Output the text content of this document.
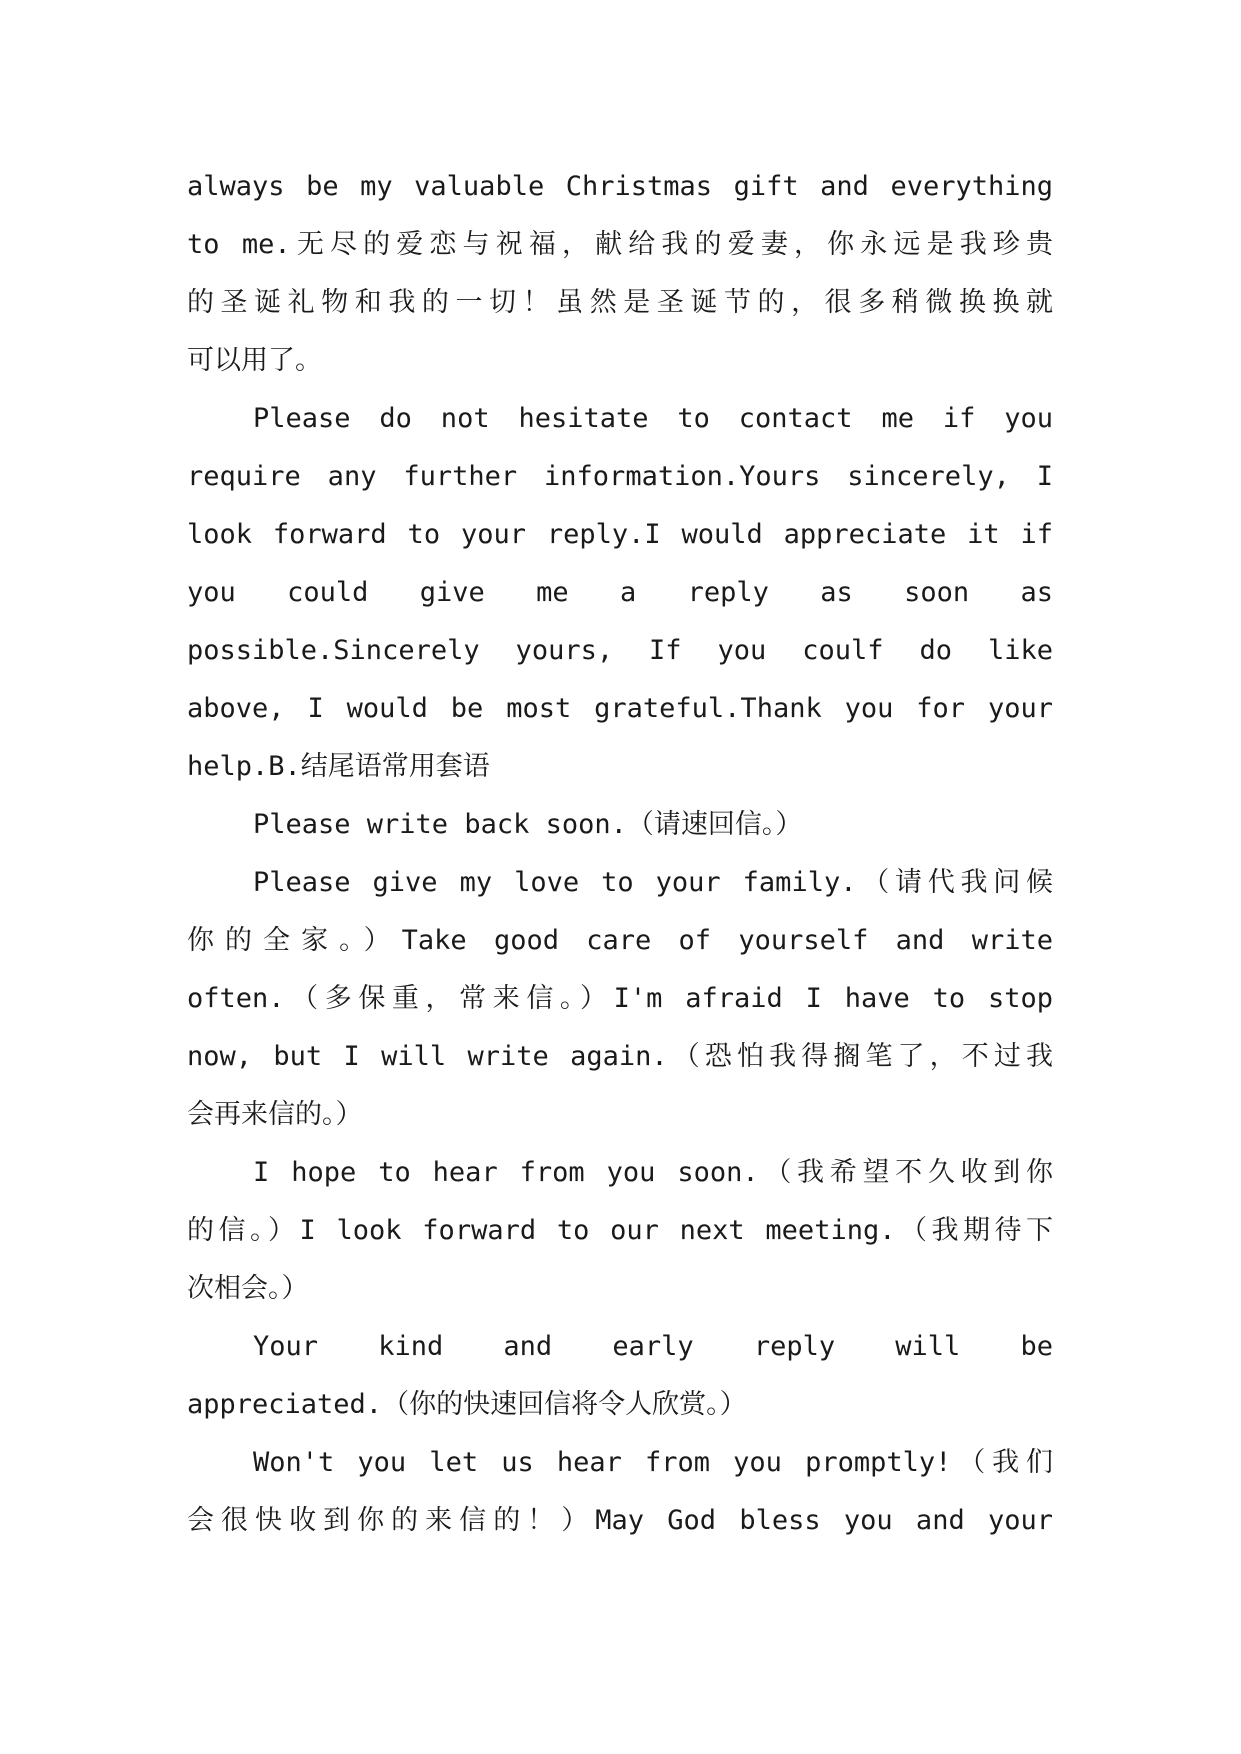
always be my valuable Christmas gift and everything
to me.无尽的爱恋与祝福，献给我的爱妻，你永远是我珍贵
的圣诞礼物和我的一切！虽然是圣诞节的，很多稍微换换就
可以用了。
Please do not hesitate to contact me if you
require any further information.Yours sincerely, I
look forward to your reply.I would appreciate it if
you could give me a reply as soon as
possible.Sincerely yours, If you coulf do like
above, I would be most grateful.Thank you for your
help.B.结尾语常用套语
Please write back soon.（请速回信。）
Please give my love to your family.（请代我问候
你的全家。）Take good care of yourself and write
often.（多保重，常来信。）I'm afraid I have to stop
now, but I will write again.（恐怕我得搁笔了，不过我
会再来信的。）
I hope to hear from you soon.（我希望不久收到你
的信。）I look forward to our next meeting.（我期待下
次相会。）
Your kind and early reply will be
appreciated.（你的快速回信将令人欣赏。）
Won't you let us hear from you promptly!（我们
会很快收到你的来信的！）May God bless you and your
